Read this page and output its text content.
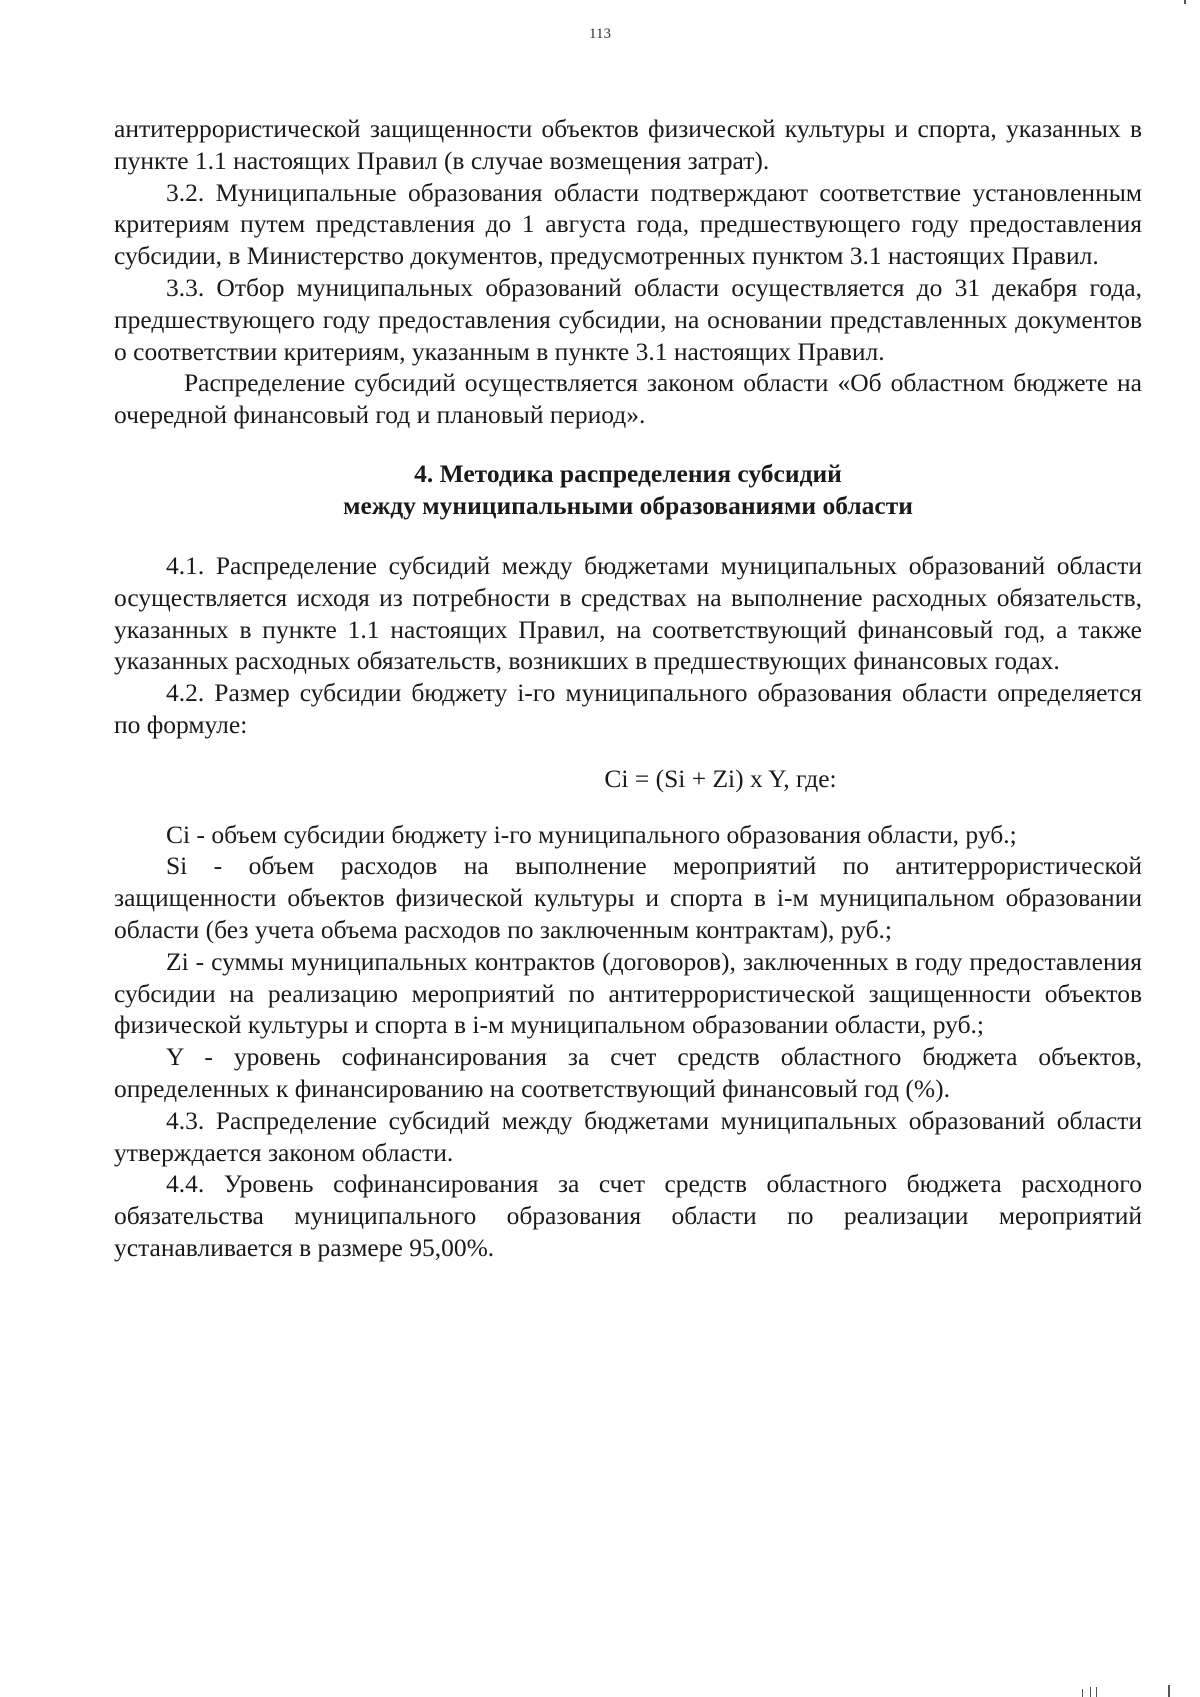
113

антитеррористической защищенности объектов физической культуры и спорта, указанных в пункте 1.1 настоящих Правил (в случае возмещения затрат).

3.2. Муниципальные образования области подтверждают соответствие установленным критериям путем представления до 1 августа года, предшествующего году предоставления субсидии, в Министерство документов, предусмотренных пунктом 3.1 настоящих Правил.

3.3. Отбор муниципальных образований области осуществляется до 31 декабря года, предшествующего году предоставления субсидии, на основании представленных документов о соответствии критериям, указанным в пункте 3.1 настоящих Правил.

Распределение субсидий осуществляется законом области «Об областном бюджете на очередной финансовый год и плановый период».

4. Методика распределения субсидий

между муниципальными образованиями области

4.1. Распределение субсидий между бюджетами муниципальных образований области осуществляется исходя из потребности в средствах на выполнение расходных обязательств, указанных в пункте 1.1 настоящих Правил, на соответствующий финансовый год, а также указанных расходных обязательств, возникших в предшествующих финансовых годах.

4.2. Размер субсидии бюджету i-го муниципального образования области определяется по формуле:

Ci = (Si + Zi) x Y, где:

Ci - объем субсидии бюджету i-го муниципального образования области, руб.;

Si - объем расходов на выполнение мероприятий по антитеррористической защищенности объектов физической культуры и спорта в i-м муниципальном образовании области (без учета объема расходов по заключенным контрактам), руб.;

Zi - суммы муниципальных контрактов (договоров), заключенных в году предоставления субсидии на реализацию мероприятий по антитеррористической защищенности объектов физической культуры и спорта в i-м муниципальном образовании области, руб.;

Y - уровень софинансирования за счет средств областного бюджета объектов, определенных к финансированию на соответствующий финансовый год (%).

4.3. Распределение субсидий между бюджетами муниципальных образований области утверждается законом области.

4.4. Уровень софинансирования за счет средств областного бюджета расходного обязательства муниципального образования области по реализации мероприятий устанавливается в размере 95,00%.
